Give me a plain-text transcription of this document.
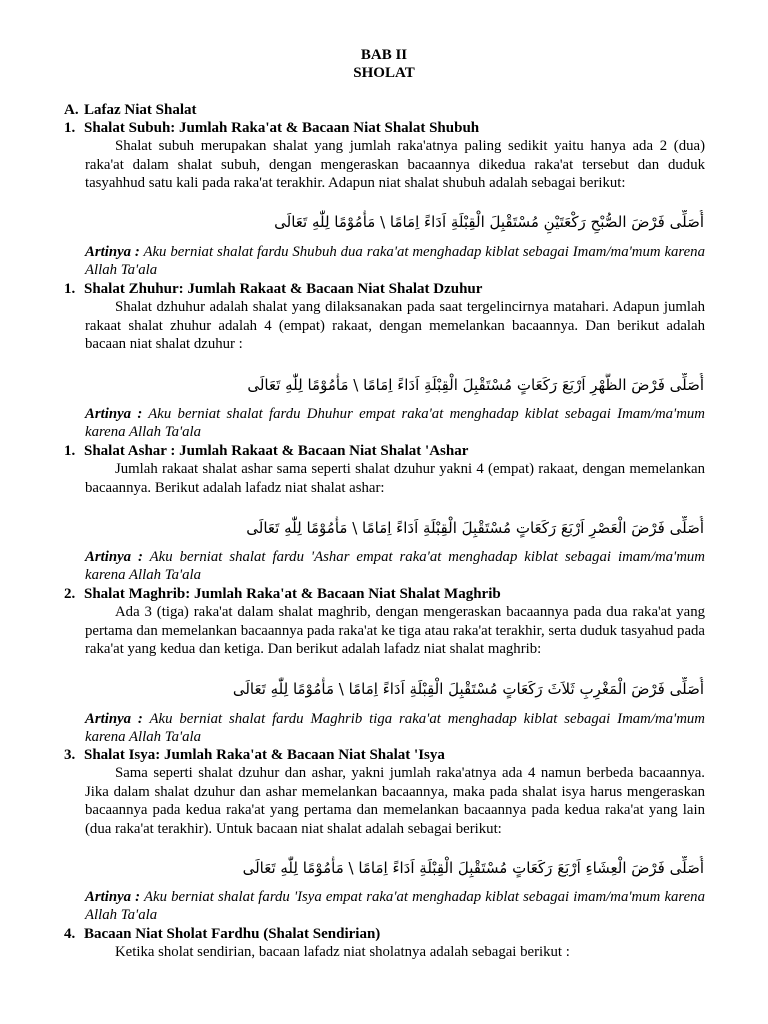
BAB II
SHOLAT
A. Lafaz Niat Shalat
1. Shalat Subuh: Jumlah Raka'at & Bacaan Niat Shalat Shubuh

Shalat subuh merupakan shalat yang jumlah raka'atnya paling sedikit yaitu hanya ada 2 (dua) raka'at dalam shalat subuh, dengan mengeraskan bacaannya dikedua raka'at tersebut dan duduk tasyahhud satu kali pada raka'at terakhir. Adapun niat shalat shubuh adalah sebagai berikut:

أُصَلِّى فَرْضَ الصُّبْحِ رَكْعَتَيْنِ مُسْتَقْبِلَ الْقِبْلَةِ اَدَاءً اِمَامًا \ مَأْمُوْمًا لِلّٰهِ تَعَالَى

Artinya : Aku berniat shalat fardu Shubuh dua raka'at menghadap kiblat sebagai Imam/ma'mum karena Allah Ta'ala

1. Shalat Zhuhur: Jumlah Rakaat & Bacaan Niat Shalat Dzuhur

Shalat dzhuhur adalah shalat yang dilaksanakan pada saat tergelincirnya matahari. Adapun jumlah rakaat shalat zhuhur adalah 4 (empat) rakaat, dengan memelankan bacaannya. Dan berikut adalah bacaan niat shalat dzuhur :

أُصَلِّى فَرْضَ الظُّهْرِ اَرْبَعَ رَكَعَاتٍ مُسْتَقْبِلَ الْقِبْلَةِ اَدَاءً اِمَامًا \ مَأْمُوْمًا لِلّٰهِ تَعَالَى

Artinya : Aku berniat shalat fardu Dhuhur empat raka'at menghadap kiblat sebagai Imam/ma'mum karena Allah Ta'ala

1. Shalat Ashar : Jumlah Rakaat & Bacaan Niat Shalat 'Ashar

Jumlah rakaat shalat ashar sama seperti shalat dzuhur yakni 4 (empat) rakaat, dengan memelankan bacaannya. Berikut adalah lafadz niat shalat ashar:

أُصَلِّى فَرْضَ الْعَصْرِ اَرْبَعَ رَكَعَاتٍ مُسْتَقْبِلَ الْقِبْلَةِ اَدَاءً اِمَامًا \ مَأْمُوْمًا لِلّٰهِ تَعَالَى

Artinya : Aku berniat shalat fardu 'Ashar empat raka'at menghadap kiblat sebagai imam/ma'mum karena Allah Ta'ala

2. Shalat Maghrib: Jumlah Raka'at & Bacaan Niat Shalat Maghrib

Ada 3 (tiga) raka'at dalam shalat maghrib, dengan mengeraskan bacaannya pada dua raka'at yang pertama dan memelankan bacaannya pada raka'at ke tiga atau raka'at terakhir, serta duduk tasyahud pada raka'at yang kedua dan ketiga. Dan berikut adalah lafadz niat shalat maghrib:

أُصَلِّى فَرْضَ الْمَغْرِبِ ثَلاَثَ رَكَعَاتٍ مُسْتَقْبِلَ الْقِبْلَةِ اَدَاءً اِمَامًا \ مَأْمُوْمًا لِلّٰهِ تَعَالَى

Artinya : Aku berniat shalat fardu Maghrib tiga raka'at menghadap kiblat sebagai Imam/ma'mum karena Allah Ta'ala

3. Shalat Isya: Jumlah Raka'at & Bacaan Niat Shalat 'Isya

Sama seperti shalat dzuhur dan ashar, yakni jumlah raka'atnya ada 4 namun berbeda bacaannya. Jika dalam shalat dzuhur dan ashar memelankan bacaannya, maka pada shalat isya harus mengeraskan bacaannya pada kedua raka'at yang pertama dan memelankan bacaannya pada kedua raka'at yang lain (dua raka'at terakhir). Untuk bacaan niat shalat adalah sebagai berikut:

أُصَلِّى فَرْضَ الْعِشَاءِ اَرْبَعَ رَكَعَاتٍ مُسْتَقْبِلَ الْقِبْلَةِ اَدَاءً اِمَامًا \ مَأْمُوْمًا لِلّٰهِ تَعَالَى

Artinya : Aku berniat shalat fardu 'Isya empat raka'at menghadap kiblat sebagai imam/ma'mum karena Allah Ta'ala

4. Bacaan Niat Sholat Fardhu (Shalat Sendirian)

Ketika sholat sendirian, bacaan lafadz niat sholatnya adalah sebagai berikut :
